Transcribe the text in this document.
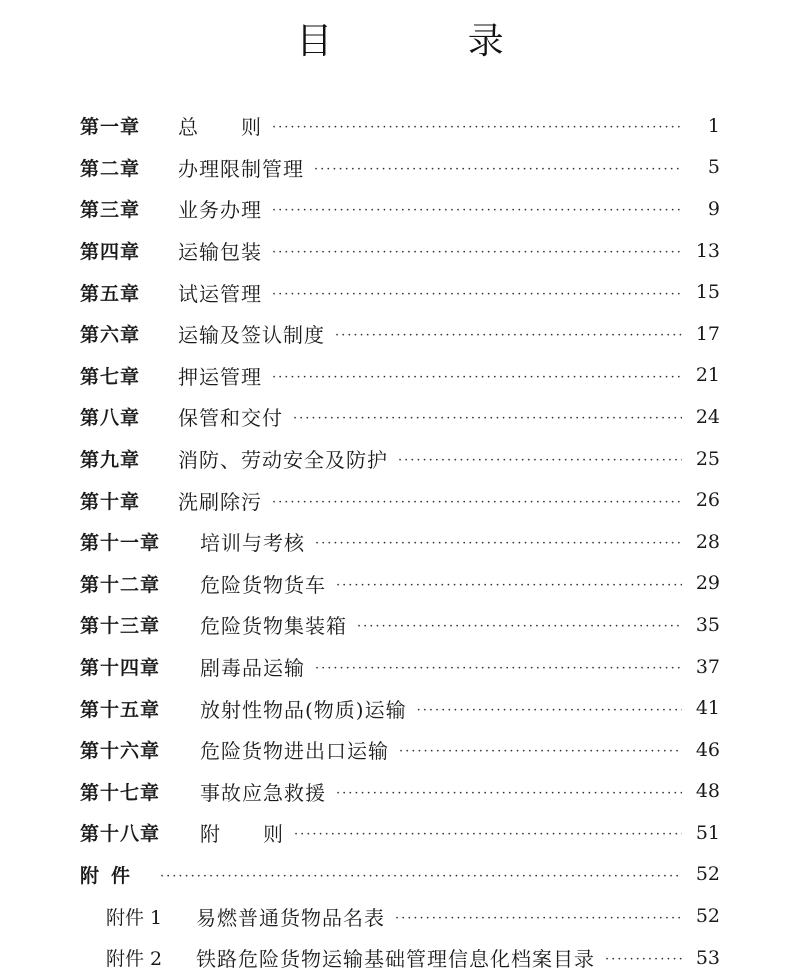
目 录
第一章	总　　则 ·····	1
第二章	办理限制管理 ·····	5
第三章	业务办理 ·····	9
第四章	运输包装 ·····	13
第五章	试运管理 ·····	15
第六章	运输及签认制度 ·····	17
第七章	押运管理 ·····	21
第八章	保管和交付 ·····	24
第九章	消防、劳动安全及防护 ·····	25
第十章	洗刷除污 ·····	26
第十一章	培训与考核 ·····	28
第十二章	危险货物货车 ·····	29
第十三章	危险货物集装箱 ·····	35
第十四章	剧毒品运输 ·····	37
第十五章	放射性物品(物质)运输 ·····	41
第十六章	危险货物进出口运输 ·····	46
第十七章	事故应急救援 ·····	48
第十八章	附　　则 ·····	51
附件 ·····	52
附件 1	易燃普通货物品名表 ·····	52
附件 2	铁路危险货物运输基础管理信息化档案目录 ·····	53
